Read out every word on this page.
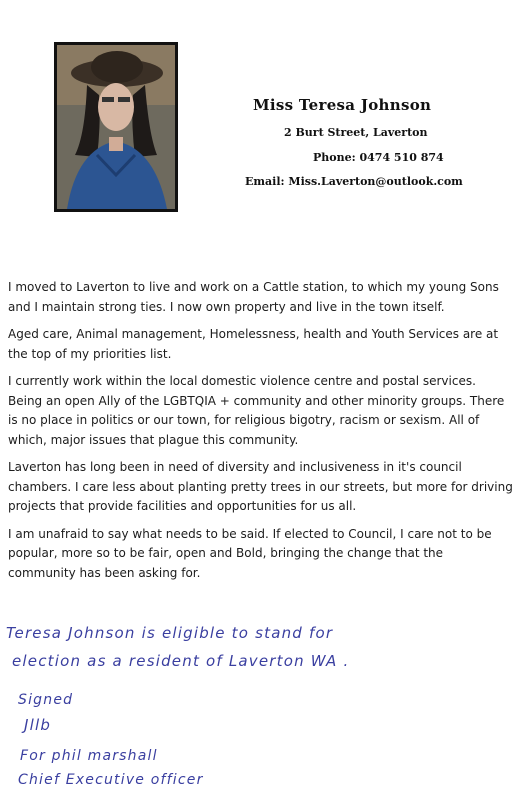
Miss Teresa Johnson
2 Burt Street, Laverton
Phone: 0474 510 874
Email: Miss.Laverton@outlook.com

I moved to Laverton to live and work on a Cattle station, to which my young Sons and I maintain strong ties. I now own property and live in the town itself.

Aged care, Animal management, Homelessness, health and Youth Services are at the top of my priorities list.

I currently work within the local domestic violence centre and postal services. Being an open Ally of the LGBTQIA + community and other minority groups. There is no place in politics or our town, for religious bigotry, racism or sexism. All of which, major issues that plague this community.

Laverton has long been in need of diversity and inclusiveness in it's council chambers. I care less about planting pretty trees in our streets, but more for driving projects that provide facilities and opportunities for us all.

I am unafraid to say what needs to be said. If elected to Council, I care not to be popular, more so to be fair, open and Bold, bringing the change that the community has been asking for.

Teresa Johnson is eligible to stand for
election as a resident of Laverton WA .
Signed
Jllb
For phil marshall
Chief Executive officer
